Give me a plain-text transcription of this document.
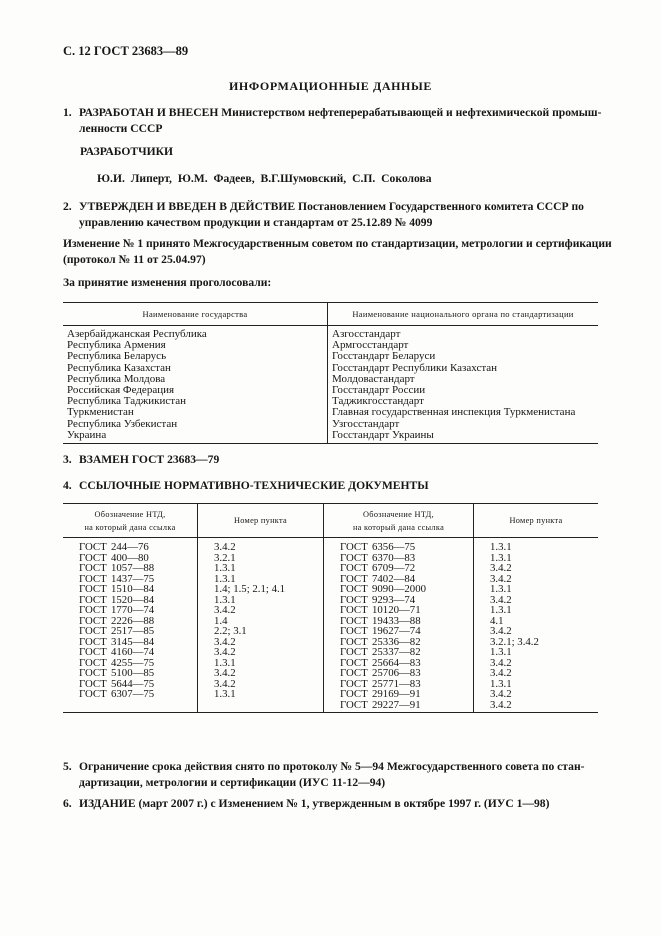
С. 12 ГОСТ 23683—89
ИНФОРМАЦИОННЫЕ ДАННЫЕ
1. РАЗРАБОТАН И ВНЕСЕН Министерством нефтеперерабатывающей и нефтехимической промыш-
ленности СССР
РАЗРАБОТЧИКИ
Ю.И. Липерт, Ю.М. Фадеев, В.Г.Шумовский, С.П. Соколова
2. УТВЕРЖДЕН И ВВЕДЕН В ДЕЙСТВИЕ Постановлением Государственного комитета СССР по
управлению качеством продукции и стандартам от 25.12.89 № 4099
Изменение № 1 принято Межгосударственным советом по стандартизации, метрологии и сертификации
(протокол № 11 от 25.04.97)
За принятие изменения проголосовали:
Наименование государства	Наименование национального органа по стандартизации
Азербайджанская Республика	Азгосстандарт
Республика Армения	Армгосстандарт
Республика Беларусь	Госстандарт Беларуси
Республика Казахстан	Госстандарт Республики Казахстан
Республика Молдова	Молдовастандарт
Российская Федерация	Госстандарт России
Республика Таджикистан	Таджикгосстандарт
Туркменистан	Главная государственная инспекция Туркменистана
Республика Узбекистан	Узгосстандарт
Украина	Госстандарт Украины
3. ВЗАМЕН ГОСТ 23683—79
4. ССЫЛОЧНЫЕ НОРМАТИВНО-ТЕХНИЧЕСКИЕ ДОКУМЕНТЫ
Обозначение НТД,
на который дана ссылка	Номер пункта	Обозначение НТД,
на который дана ссылка	Номер пункта
ГОСТ 244—76	3.4.2	ГОСТ 6356—75	1.3.1
ГОСТ 400—80	3.2.1	ГОСТ 6370—83	1.3.1
ГОСТ 1057—88	1.3.1	ГОСТ 6709—72	3.4.2
ГОСТ 1437—75	1.3.1	ГОСТ 7402—84	3.4.2
ГОСТ 1510—84	1.4; 1.5; 2.1; 4.1	ГОСТ 9090—2000	1.3.1
ГОСТ 1520—84	1.3.1	ГОСТ 9293—74	3.4.2
ГОСТ 1770—74	3.4.2	ГОСТ 10120—71	1.3.1
ГОСТ 2226—88	1.4	ГОСТ 19433—88	4.1
ГОСТ 2517—85	2.2; 3.1	ГОСТ 19627—74	3.4.2
ГОСТ 3145—84	3.4.2	ГОСТ 25336—82	3.2.1; 3.4.2
ГОСТ 4160—74	3.4.2	ГОСТ 25337—82	1.3.1
ГОСТ 4255—75	1.3.1	ГОСТ 25664—83	3.4.2
ГОСТ 5100—85	3.4.2	ГОСТ 25706—83	3.4.2
ГОСТ 5644—75	3.4.2	ГОСТ 25771—83	1.3.1
ГОСТ 6307—75	1.3.1	ГОСТ 29169—91	3.4.2
		ГОСТ 29227—91	3.4.2
5. Ограничение срока действия снято по протоколу № 5—94 Межгосударственного совета по стан-
дартизации, метрологии и сертификации (ИУС 11-12—94)
6. ИЗДАНИЕ (март 2007 г.) с Изменением № 1, утвержденным в октябре 1997 г. (ИУС 1—98)
